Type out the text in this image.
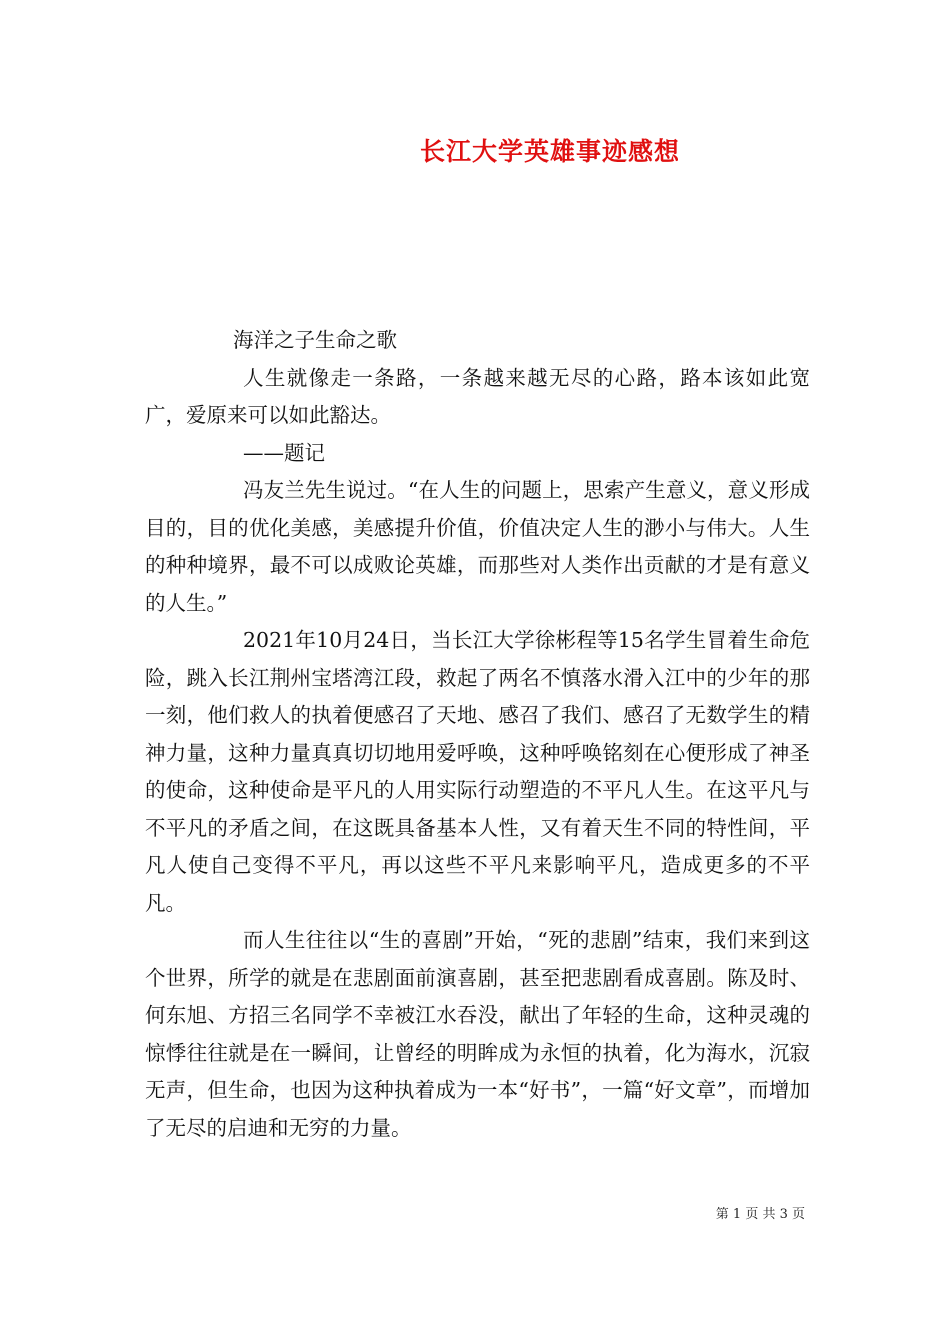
长江大学英雄事迹感想

海洋之子生命之歌

人生就像走一条路，一条越来越无尽的心路，路本该如此宽广，爱原来可以如此豁达。

——题记

冯友兰先生说过。“在人生的问题上，思索产生意义，意义形成目的，目的优化美感，美感提升价值，价值决定人生的渺小与伟大。人生的种种境界，最不可以成败论英雄，而那些对人类作出贡献的才是有意义的人生。”

2021年10月24日，当长江大学徐彬程等15名学生冒着生命危险，跳入长江荆州宝塔湾江段，救起了两名不慎落水滑入江中的少年的那一刻，他们救人的执着便感召了天地、感召了我们、感召了无数学生的精神力量，这种力量真真切切地用爱呼唤，这种呼唤铭刻在心便形成了神圣的使命，这种使命是平凡的人用实际行动塑造的不平凡人生。在这平凡与不平凡的矛盾之间，在这既具备基本人性，又有着天生不同的特性间，平凡人使自己变得不平凡，再以这些不平凡来影响平凡，造成更多的不平凡。

而人生往往以“生的喜剧”开始，“死的悲剧”结束，我们来到这个世界，所学的就是在悲剧面前演喜剧，甚至把悲剧看成喜剧。陈及时、何东旭、方招三名同学不幸被江水吞没，献出了年轻的生命，这种灵魂的惊悸往往就是在一瞬间，让曾经的明眸成为永恒的执着，化为海水，沉寂无声，但生命，也因为这种执着成为一本“好书”，一篇“好文章”，而增加了无尽的启迪和无穷的力量。

第 1 页 共 3 页
